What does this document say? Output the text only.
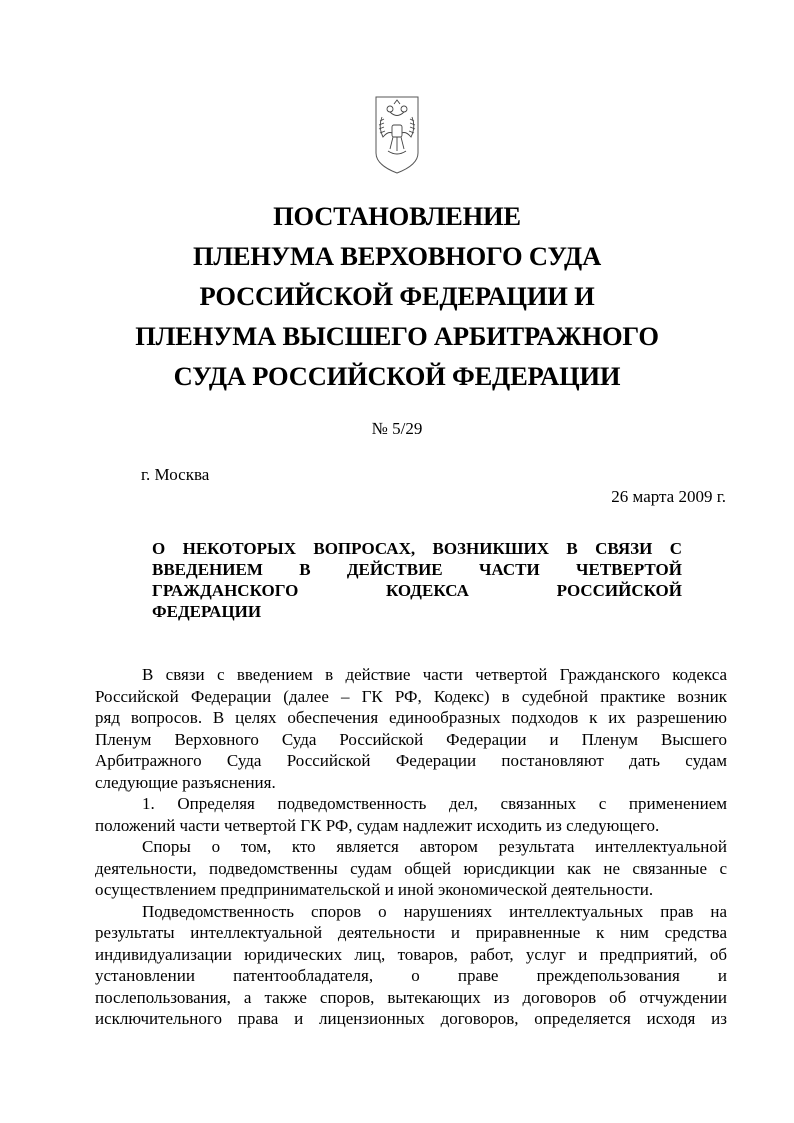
ПОСТАНОВЛЕНИЕ
ПЛЕНУМА ВЕРХОВНОГО СУДА
РОССИЙСКОЙ ФЕДЕРАЦИИ И
ПЛЕНУМА ВЫСШЕГО АРБИТРАЖНОГО
СУДА РОССИЙСКОЙ ФЕДЕРАЦИИ
№ 5/29
г. Москва
26 марта 2009 г.
О НЕКОТОРЫХ ВОПРОСАХ, ВОЗНИКШИХ В СВЯЗИ С
ВВЕДЕНИЕМ В ДЕЙСТВИЕ ЧАСТИ ЧЕТВЕРТОЙ
ГРАЖДАНСКОГО КОДЕКСА РОССИЙСКОЙ
ФЕДЕРАЦИИ
В связи с введением в действие части четвертой Гражданского кодекса
Российской Федерации (далее – ГК РФ, Кодекс) в судебной практике возник
ряд вопросов. В целях обеспечения единообразных подходов к их разрешению
Пленум Верховного Суда Российской Федерации и Пленум Высшего
Арбитражного Суда Российской Федерации постановляют дать судам
следующие разъяснения.
1. Определяя подведомственность дел, связанных с применением
положений части четвертой ГК РФ, судам надлежит исходить из следующего.
Споры о том, кто является автором результата интеллектуальной
деятельности, подведомственны судам общей юрисдикции как не связанные с
осуществлением предпринимательской и иной экономической деятельности.
Подведомственность споров о нарушениях интеллектуальных прав на
результаты интеллектуальной деятельности и приравненные к ним средства
индивидуализации юридических лиц, товаров, работ, услуг и предприятий, об
установлении патентообладателя, о праве преждепользования и
послепользования, а также споров, вытекающих из договоров об отчуждении
исключительного права и лицензионных договоров, определяется исходя из
